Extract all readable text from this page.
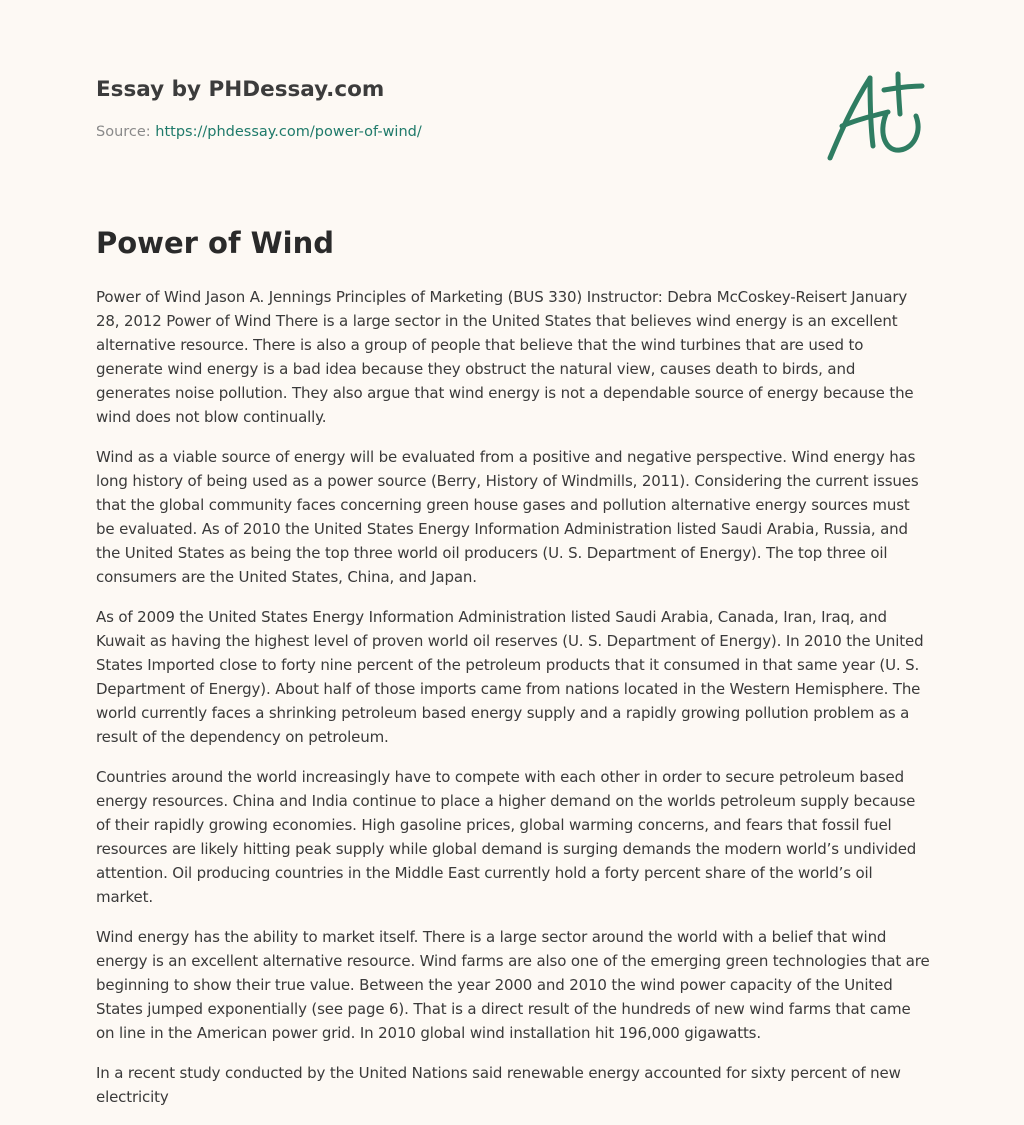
Essay by PHDessay.com
Source: https://phdessay.com/power-of-wind/
Power of Wind

Power of Wind Jason A. Jennings Principles of Marketing (BUS 330) Instructor: Debra McCoskey-Reisert January 28, 2012 Power of Wind There is a large sector in the United States that believes wind energy is an excellent alternative resource. There is also a group of people that believe that the wind turbines that are used to generate wind energy is a bad idea because they obstruct the natural view, causes death to birds, and generates noise pollution. They also argue that wind energy is not a dependable source of energy because the wind does not blow continually.

Wind as a viable source of energy will be evaluated from a positive and negative perspective. Wind energy has long history of being used as a power source (Berry, History of Windmills, 2011). Considering the current issues that the global community faces concerning green house gases and pollution alternative energy sources must be evaluated. As of 2010 the United States Energy Information Administration listed Saudi Arabia, Russia, and the United States as being the top three world oil producers (U. S. Department of Energy). The top three oil consumers are the United States, China, and Japan.

As of 2009 the United States Energy Information Administration listed Saudi Arabia, Canada, Iran, Iraq, and Kuwait as having the highest level of proven world oil reserves (U. S. Department of Energy). In 2010 the United States Imported close to forty nine percent of the petroleum products that it consumed in that same year (U. S. Department of Energy). About half of those imports came from nations located in the Western Hemisphere. The world currently faces a shrinking petroleum based energy supply and a rapidly growing pollution problem as a result of the dependency on petroleum.

Countries around the world increasingly have to compete with each other in order to secure petroleum based energy resources. China and India continue to place a higher demand on the worlds petroleum supply because of their rapidly growing economies. High gasoline prices, global warming concerns, and fears that fossil fuel resources are likely hitting peak supply while global demand is surging demands the modern world’s undivided attention. Oil producing countries in the Middle East currently hold a forty percent share of the world’s oil market.

Wind energy has the ability to market itself. There is a large sector around the world with a belief that wind energy is an excellent alternative resource. Wind farms are also one of the emerging green technologies that are beginning to show their true value. Between the year 2000 and 2010 the wind power capacity of the United States jumped exponentially (see page 6). That is a direct result of the hundreds of new wind farms that came on line in the American power grid. In 2010 global wind installation hit 196,000 gigawatts.

In a recent study conducted by the United Nations said renewable energy accounted for sixty percent of new electricity
